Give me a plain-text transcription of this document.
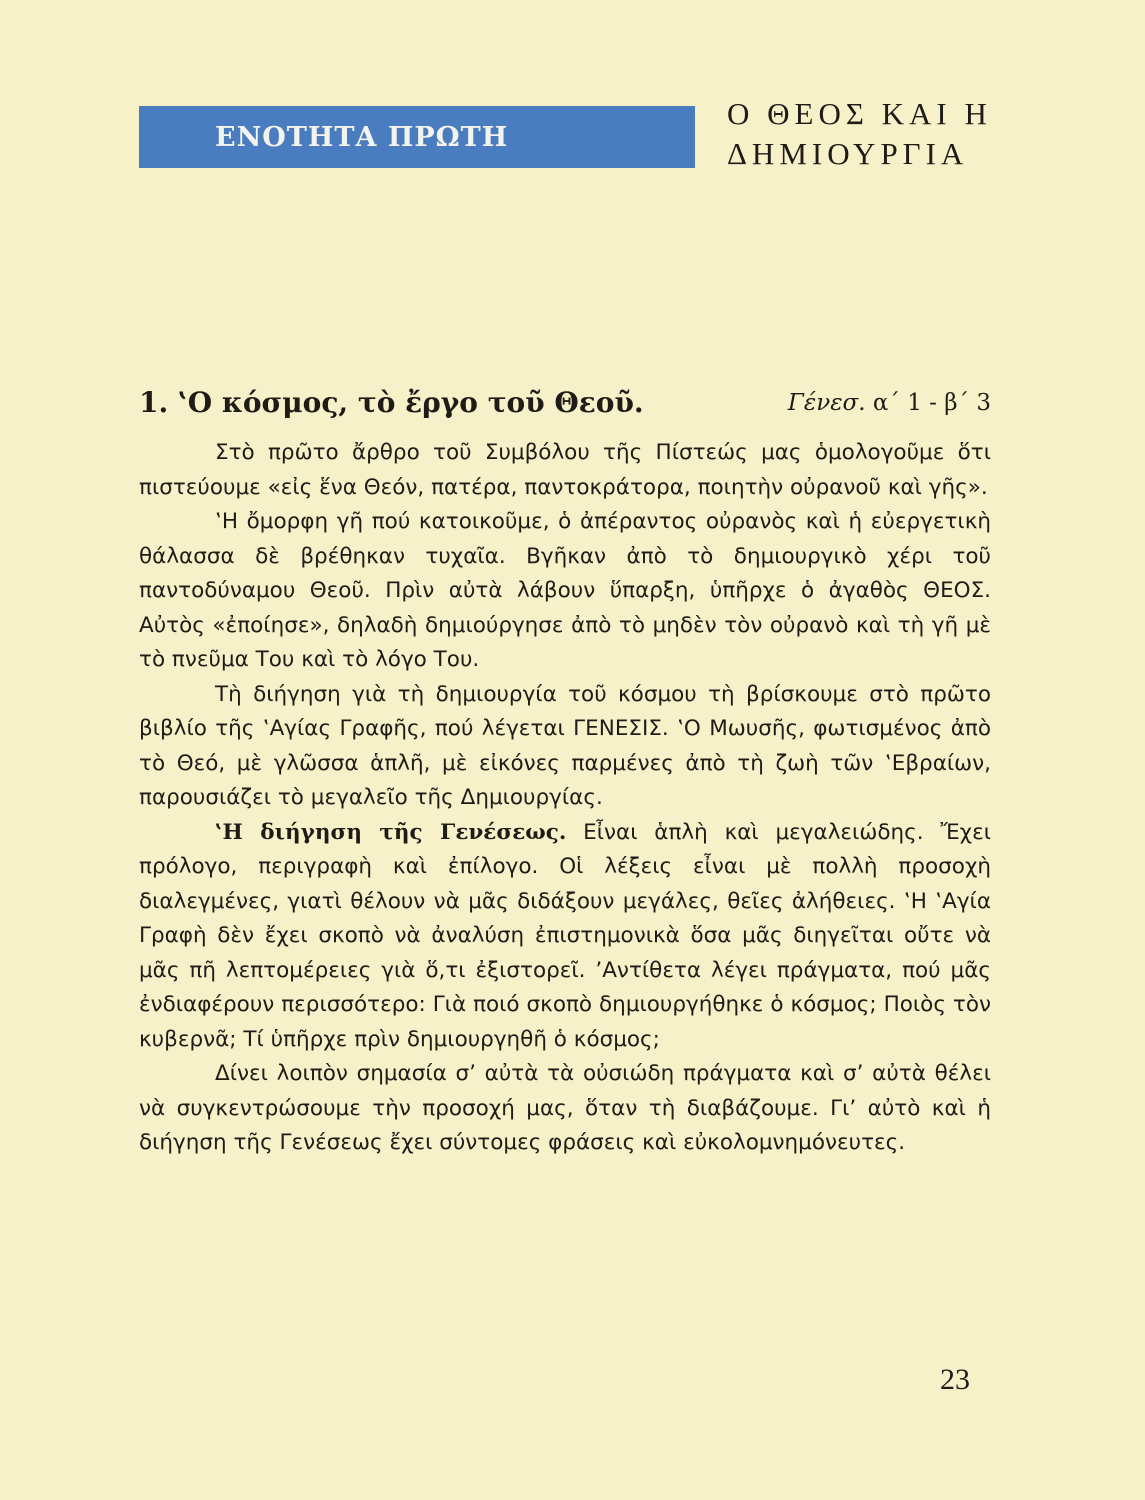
ΕΝΟΤΗΤΑ ΠΡΩΤΗ
Ο ΘΕΟΣ ΚΑΙ Η
ΔΗΜΙΟΥΡΓΙΑ
1. ‛Ο κόσμος, τὸ ἔργο τοῦ Θεοῦ.	Γένεσ. α΄ 1 - β΄ 3

Στὸ πρῶτο ἄρθρο τοῦ Συμβόλου τῆς Πίστεώς μας ὁμολογοῦμε ὅτι πιστεύουμε «εἰς ἕνα Θεόν, πατέρα, παντοκράτορα, ποιητὴν οὐρανοῦ καὶ γῆς».

‛Η ὄμορφη γῆ πού κατοικοῦμε, ὁ ἀπέραντος οὐρανὸς καὶ ἡ εὐεργετικὴ θάλασσα δὲ βρέθηκαν τυχαῖα. Βγῆκαν ἀπὸ τὸ δημιουργικὸ χέρι τοῦ παντοδύναμου Θεοῦ. Πρὶν αὐτὰ λάβουν ὕπαρξη, ὑπῆρχε ὁ ἀγαθὸς ΘΕΟΣ. Αὐτὸς «ἐποίησε», δηλαδὴ δημιούργησε ἀπὸ τὸ μηδὲν τὸν οὐρανὸ καὶ τὴ γῆ μὲ τὸ πνεῦμα Του καὶ τὸ λόγο Του.

Τὴ διήγηση γιὰ τὴ δημιουργία τοῦ κόσμου τὴ βρίσκουμε στὸ πρῶτο βιβλίο τῆς ‛Αγίας Γραφῆς, πού λέγεται ΓΕΝΕΣΙΣ. ‛Ο Μωυσῆς, φωτισμένος ἀπὸ τὸ Θεό, μὲ γλῶσσα ἁπλῆ, μὲ εἰκόνες παρμένες ἀπὸ τὴ ζωὴ τῶν ‛Εβραίων, παρουσιάζει τὸ μεγαλεῖο τῆς Δημιουργίας.

‛Η διήγηση τῆς Γενέσεως. Εἶναι ἁπλὴ καὶ μεγαλειώδης. Ἔχει πρόλογο, περιγραφὴ καὶ ἐπίλογο. Οἱ λέξεις εἶναι μὲ πολλὴ προσοχὴ διαλεγμένες, γιατὶ θέλουν νὰ μᾶς διδάξουν μεγάλες, θεῖες ἀλήθειες. ‛Η ‛Αγία Γραφὴ δὲν ἔχει σκοπὸ νὰ ἀναλύση ἐπιστημονικὰ ὅσα μᾶς διηγεῖται οὔτε νὰ μᾶς πῆ λεπτομέρειες γιὰ ὅ,τι ἐξιστορεῖ. ’Αντίθετα λέγει πράγματα, πού μᾶς ἐνδιαφέρουν περισσότερο: Γιὰ ποιό σκοπὸ δημιουργήθηκε ὁ κόσμος; Ποιὸς τὸν κυβερνᾶ; Τί ὑπῆρχε πρὶν δημιουργηθῆ ὁ κόσμος;

Δίνει λοιπὸν σημασία σ’ αὐτὰ τὰ οὐσιώδη πράγματα καὶ σ’ αὐτὰ θέλει νὰ συγκεντρώσουμε τὴν προσοχή μας, ὅταν τὴ διαβάζουμε. Γι’ αὐτὸ καὶ ἡ διήγηση τῆς Γενέσεως ἔχει σύντομες φράσεις καὶ εὐκολομνημόνευτες.

23
